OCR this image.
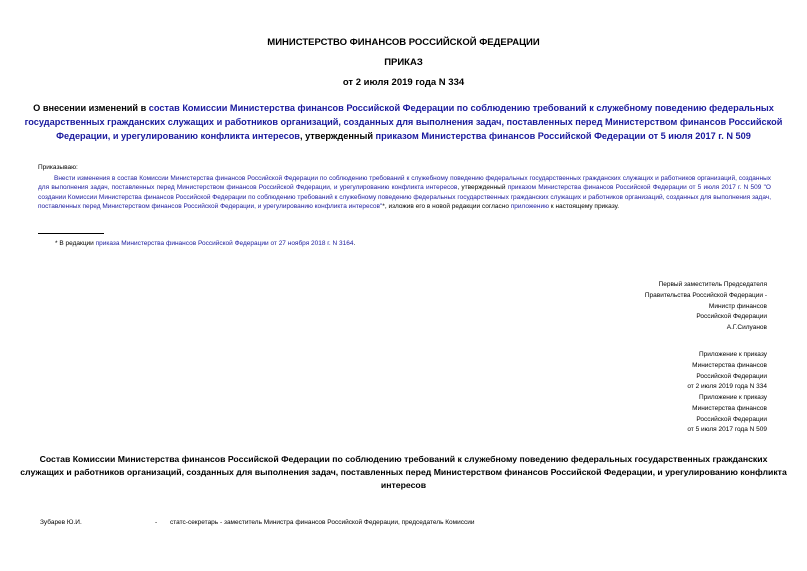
МИНИСТЕРСТВО ФИНАНСОВ РОССИЙСКОЙ ФЕДЕРАЦИИ
ПРИКАЗ
от 2 июля 2019 года N 334
О внесении изменений в состав Комиссии Министерства финансов Российской Федерации по соблюдению требований к служебному поведению федеральных государственных гражданских служащих и работников организаций, созданных для выполнения задач, поставленных перед Министерством финансов Российской Федерации, и урегулированию конфликта интересов, утвержденный приказом Министерства финансов Российской Федерации от 5 июля 2017 г. N 509
Приказываю:
Внести изменения в состав Комиссии Министерства финансов Российской Федерации по соблюдению требований к служебному поведению федеральных государственных гражданских служащих и работников организаций, созданных для выполнения задач, поставленных перед Министерством финансов Российской Федерации, и урегулированию конфликта интересов, утвержденный приказом Министерства финансов Российской Федерации от 5 июля 2017 г. N 509 "О создании Комиссии Министерства финансов Российской Федерации по соблюдению требований к служебному поведению федеральных государственных гражданских служащих и работников организаций, созданных для выполнения задач, поставленных перед Министерством финансов Российской Федерации, и урегулированию конфликта интересов"*, изложив его в новой редакции согласно приложению к настоящему приказу.
* В редакции приказа Министерства финансов Российской Федерации от 27 ноября 2018 г. N 3164.
Первый заместитель Председателя
Правительства Российской Федерации -
Министр финансов
Российской Федерации
А.Г.Силуанов
Приложение к приказу
Министерства финансов
Российской Федерации
от 2 июля 2019 года N 334
Приложение к приказу
Министерства финансов
Российской Федерации
от 5 июля 2017 года N 509
Состав Комиссии Министерства финансов Российской Федерации по соблюдению требований к служебному поведению федеральных государственных гражданских служащих и работников организаций, созданных для выполнения задач, поставленных перед Министерством финансов Российской Федерации, и урегулированию конфликта интересов
Зубарев Ю.И.	- статс-секретарь - заместитель Министра финансов Российской Федерации, председатель Комиссии
